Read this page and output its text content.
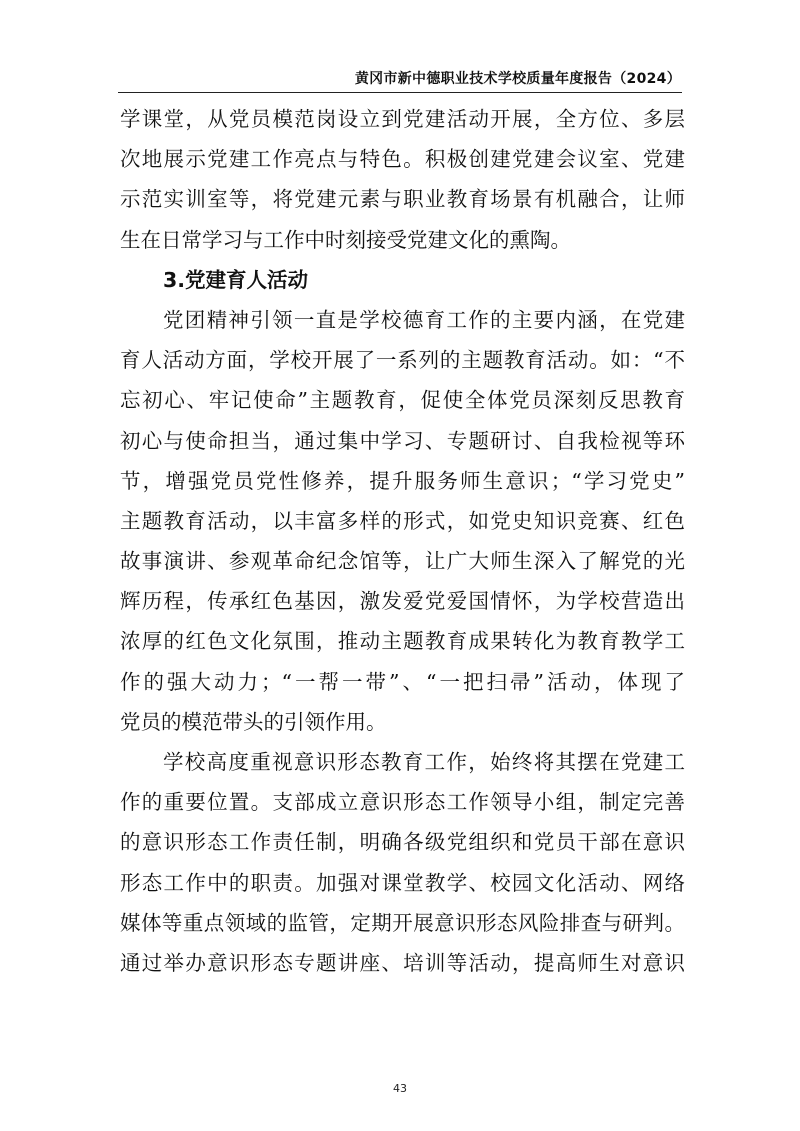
黄冈市新中德职业技术学校质量年度报告（2024）
学课堂，从党员模范岗设立到党建活动开展，全方位、多层
次地展示党建工作亮点与特色。积极创建党建会议室、党建
示范实训室等，将党建元素与职业教育场景有机融合，让师
生在日常学习与工作中时刻接受党建文化的熏陶。
3.党建育人活动
党团精神引领一直是学校德育工作的主要内涵，在党建
育人活动方面，学校开展了一系列的主题教育活动。如：“不
忘初心、牢记使命”主题教育，促使全体党员深刻反思教育
初心与使命担当，通过集中学习、专题研讨、自我检视等环
节，增强党员党性修养，提升服务师生意识；“学习党史”
主题教育活动，以丰富多样的形式，如党史知识竞赛、红色
故事演讲、参观革命纪念馆等，让广大师生深入了解党的光
辉历程，传承红色基因，激发爱党爱国情怀，为学校营造出
浓厚的红色文化氛围，推动主题教育成果转化为教育教学工
作的强大动力；“一帮一带”、“一把扫帚”活动，体现了
党员的模范带头的引领作用。
学校高度重视意识形态教育工作，始终将其摆在党建工
作的重要位置。支部成立意识形态工作领导小组，制定完善
的意识形态工作责任制，明确各级党组织和党员干部在意识
形态工作中的职责。加强对课堂教学、校园文化活动、网络
媒体等重点领域的监管，定期开展意识形态风险排查与研判。
通过举办意识形态专题讲座、培训等活动，提高师生对意识
43
